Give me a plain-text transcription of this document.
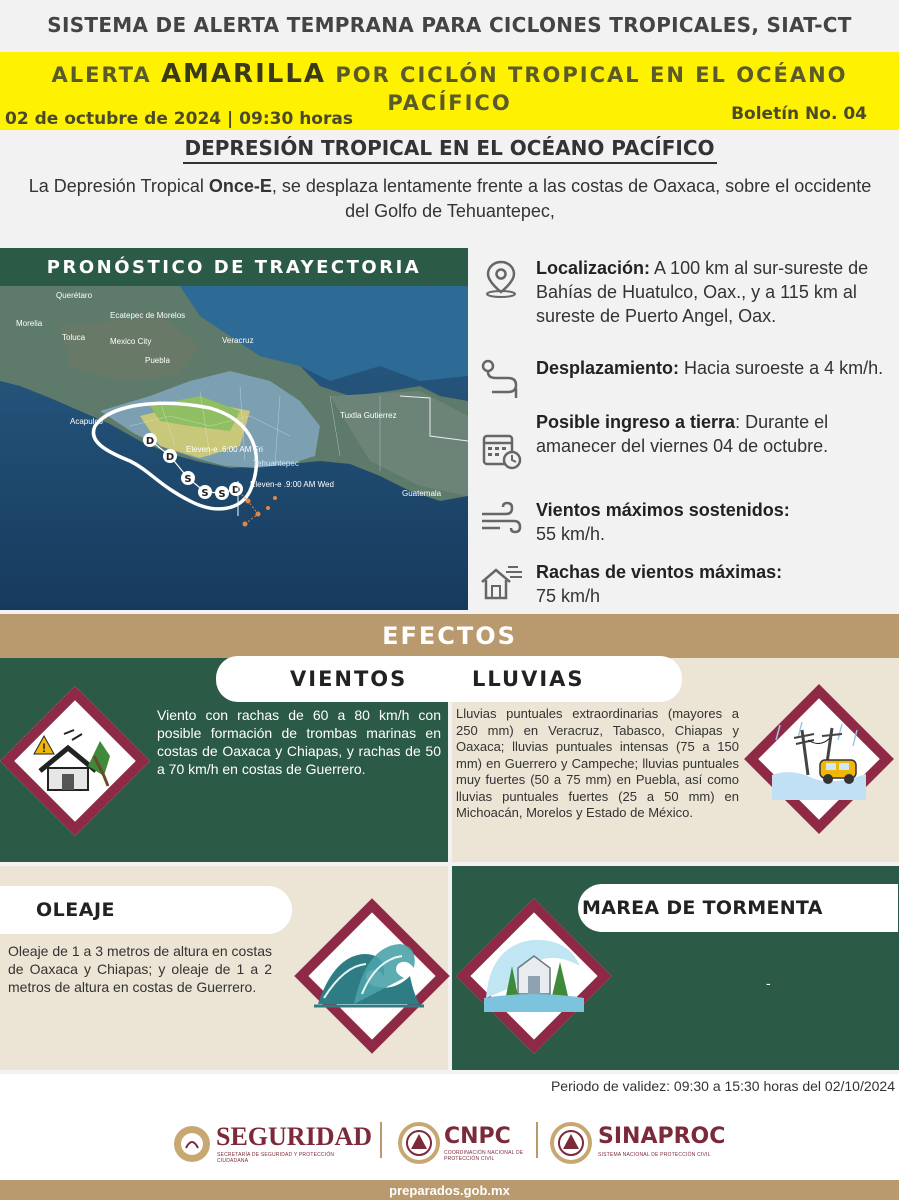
SISTEMA DE ALERTA TEMPRANA PARA CICLONES TROPICALES, SIAT-CT
ALERTA AMARILLA POR CICLÓN TROPICAL EN EL OCÉANO PACÍFICO
02 de octubre de 2024 | 09:30 horas	Boletín No. 04
DEPRESIÓN TROPICAL EN EL OCÉANO PACÍFICO
La Depresión Tropical Once-E, se desplaza lentamente frente a las costas de Oaxaca, sobre el occidente del Golfo de Tehuantepec,
PRONÓSTICO DE TRAYECTORIA
D
D
S
S S D
Querétaro
Ecatepec de Morelos
Morelia
Toluca	Mexico City
Puebla
Veracruz
Acapulco
Tuxtla Gutierrez
Guatemala
Tehuantepec
Eleven-e .6:00 AM Fri
Eleven-e .9:00 AM Wed
Localización: A 100 km al sur-sureste de Bahías de Huatulco, Oax., y a 115 km al sureste de Puerto Angel, Oax.
Desplazamiento: Hacia suroeste a 4 km/h.
Posible ingreso a tierra: Durante el amanecer del viernes 04 de octubre.
Vientos máximos sostenidos:
55 km/h.
Rachas de vientos máximas:
75 km/h
EFECTOS
VIENTOS	LLUVIAS
!
Viento con rachas de 60 a 80 km/h con posible formación de trombas marinas en costas de Oaxaca y Chiapas, y rachas de 50 a 70 km/h en costas de Guerrero.
Lluvias puntuales extraordinarias (mayores a 250 mm) en Veracruz, Tabasco, Chiapas y Oaxaca; lluvias puntuales intensas (75 a 150 mm) en Guerrero y Campeche; lluvias puntuales muy fuertes (50 a 75 mm) en Puebla, así como lluvias puntuales fuertes (25 a 50 mm) en Michoacán, Morelos y Estado de México.
OLEAJE
Oleaje de 1 a 3 metros de altura en costas de Oaxaca y Chiapas; y oleaje de 1 a 2 metros de altura en costas de Guerrero.
MAREA DE TORMENTA
-
Periodo de validez: 09:30 a 15:30 horas del 02/10/2024
SEGURIDAD
SECRETARÍA DE SEGURIDAD Y PROTECCIÓN CIUDADANA
CNPC
COORDINACIÓN NACIONAL DE PROTECCIÓN CIVIL
SINAPROC
SISTEMA NACIONAL DE PROTECCIÓN CIVIL
preparados.gob.mx
